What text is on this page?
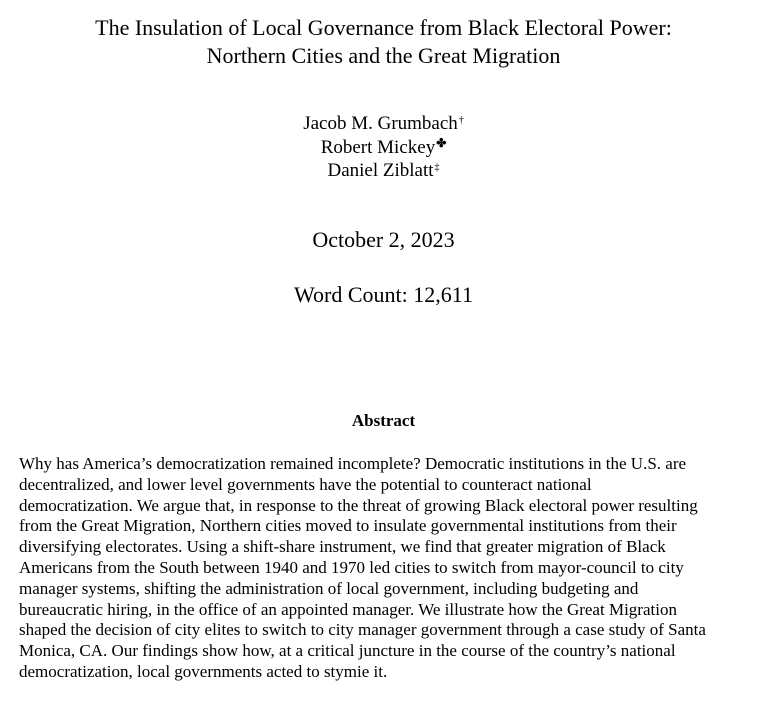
The Insulation of Local Governance from Black Electoral Power:
Northern Cities and the Great Migration
Jacob M. Grumbach†
Robert Mickey✤
Daniel Ziblatt‡
October 2, 2023
Word Count: 12,611
Abstract
Why has America’s democratization remained incomplete? Democratic institutions in the U.S. are
decentralized, and lower level governments have the potential to counteract national
democratization. We argue that, in response to the threat of growing Black electoral power resulting
from the Great Migration, Northern cities moved to insulate governmental institutions from their
diversifying electorates. Using a shift-share instrument, we find that greater migration of Black
Americans from the South between 1940 and 1970 led cities to switch from mayor-council to city
manager systems, shifting the administration of local government, including budgeting and
bureaucratic hiring, in the office of an appointed manager. We illustrate how the Great Migration
shaped the decision of city elites to switch to city manager government through a case study of Santa
Monica, CA. Our findings show how, at a critical juncture in the course of the country’s national
democratization, local governments acted to stymie it.
